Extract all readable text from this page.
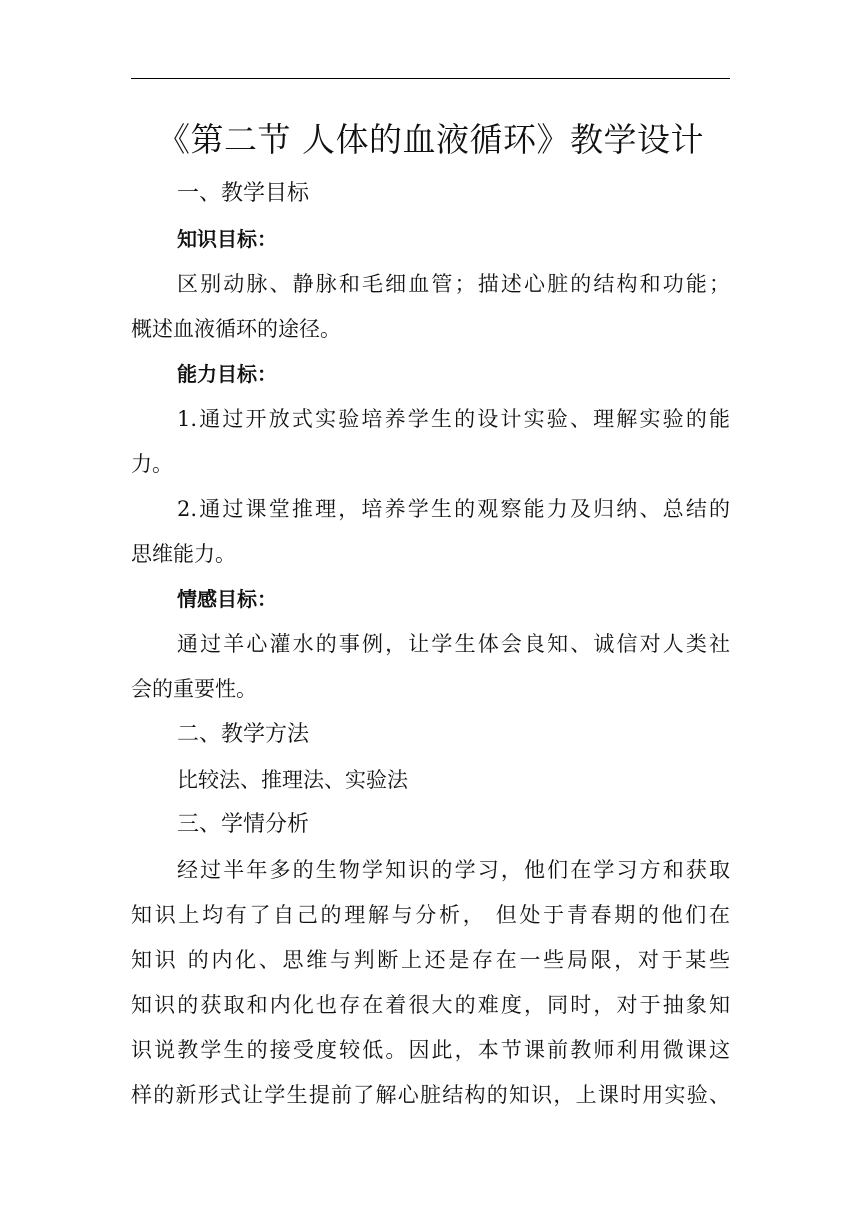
《第二节 人体的血液循环》教学设计
一、教学目标
知识目标：
区别动脉、静脉和毛细血管；描述心脏的结构和功能；
概述血液循环的途径。
能力目标：
1.通过开放式实验培养学生的设计实验、理解实验的能
力。
2.通过课堂推理，培养学生的观察能力及归纳、总结的
思维能力。
情感目标：
通过羊心灌水的事例，让学生体会良知、诚信对人类社
会的重要性。
二、教学方法
比较法、推理法、实验法
三、学情分析
经过半年多的生物学知识的学习，他们在学习方和获取
知识上均有了自己的理解与分析， 但处于青春期的他们在
知识 的内化、思维与判断上还是存在一些局限，对于某些
知识的获取和内化也存在着很大的难度，同时，对于抽象知
识说教学生的接受度较低。因此，本节课前教师利用微课这
样的新形式让学生提前了解心脏结构的知识，上课时用实验、
